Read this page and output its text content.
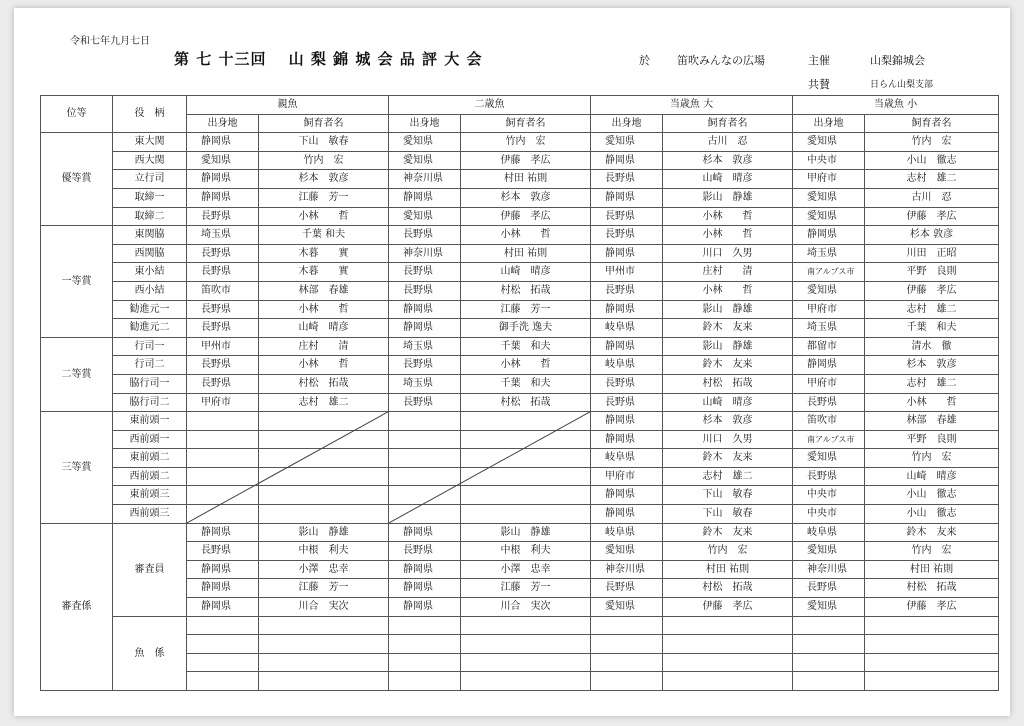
令和七年九月七日
第 七 十三回　 山 梨 錦 城 会 品 評 大 会	於 笛吹みんなの広場	主催	山梨錦城会
共賛	日らん山梨支部
位等	役　柄	親魚		二歳魚		当歳魚 大		当歳魚 小	
		出身地	飼育者名	出身地	飼育者名	出身地	飼育者名	出身地	飼育者名
優等賞	東大関	静岡県	下山　敏春	愛知県	竹内　宏	愛知県	古川　忍	愛知県	竹内　宏
	西大関	愛知県	竹内　宏	愛知県	伊藤　孝広	静岡県	杉本　敦彦	中央市	小山　徹志
	立行司	静岡県	杉本　敦彦	神奈川県	村田 祐則	長野県	山崎　晴彦	甲府市	志村　雄二
	取締一	静岡県	江藤　芳一	静岡県	杉本　敦彦	静岡県	影山　静雄	愛知県	古川　忍
	取締二	長野県	小林　　哲	愛知県	伊藤　孝広	長野県	小林　　哲	愛知県	伊藤　孝広
一等賞	東関脇	埼玉県	千葉 和夫	長野県	小林　　哲	長野県	小林　　哲	静岡県	杉本 敦彦
	西関脇	長野県	木暮　　實	神奈川県	村田 祐則	静岡県	川口　久男	埼玉県	川田　正昭
	東小結	長野県	木暮　　實	長野県	山崎　晴彦	甲州市	庄村　　清	南アルプス市	平野　良則
	西小結	笛吹市	林部　春雄	長野県	村松　拓哉	長野県	小林　　哲	愛知県	伊藤　孝広
	勧進元一	長野県	小林　　哲	静岡県	江藤　芳一	静岡県	影山　静雄	甲府市	志村　雄二
	勧進元二	長野県	山崎　晴彦	静岡県	御手洗 逸夫	岐阜県	鈴木　友来	埼玉県	千葉　和夫
二等賞	行司一	甲州市	庄村　　清	埼玉県	千葉　和夫	静岡県	影山　静雄	都留市	清水　徹
	行司二	長野県	小林　　哲	長野県	小林　　哲	岐阜県	鈴木　友来	静岡県	杉本　敦彦
	脇行司一	長野県	村松　拓哉	埼玉県	千葉　和夫	長野県	村松　拓哉	甲府市	志村　雄二
	脇行司二	甲府市	志村　雄二	長野県	村松　拓哉	長野県	山崎　晴彦	長野県	小林　　哲
三等賞	東前頭一					静岡県	杉本　敦彦	笛吹市	林部　春雄
	西前頭一					静岡県	川口　久男	南アルプス市	平野　良則
	東前頭二					岐阜県	鈴木　友来	愛知県	竹内　宏
	西前頭二					甲府市	志村　雄二	長野県	山崎　晴彦
	東前頭三					静岡県	下山　敏春	中央市	小山　徹志
	西前頭三					静岡県	下山　敏春	中央市	小山　徹志
審査係	審査員	静岡県	影山　静雄	静岡県	影山　静雄	岐阜県	鈴木　友来	岐阜県	鈴木　友来
		長野県	中根　利夫	長野県	中根　利夫	愛知県	竹内　宏	愛知県	竹内　宏
		静岡県	小澤　忠幸	静岡県	小澤　忠幸	神奈川県	村田 祐則	神奈川県	村田 祐則
		静岡県	江藤　芳一	静岡県	江藤　芳一	長野県	村松　拓哉	長野県	村松　拓哉
		静岡県	川合　実次	静岡県	川合　実次	愛知県	伊藤　孝広	愛知県	伊藤　孝広
	魚　係								
